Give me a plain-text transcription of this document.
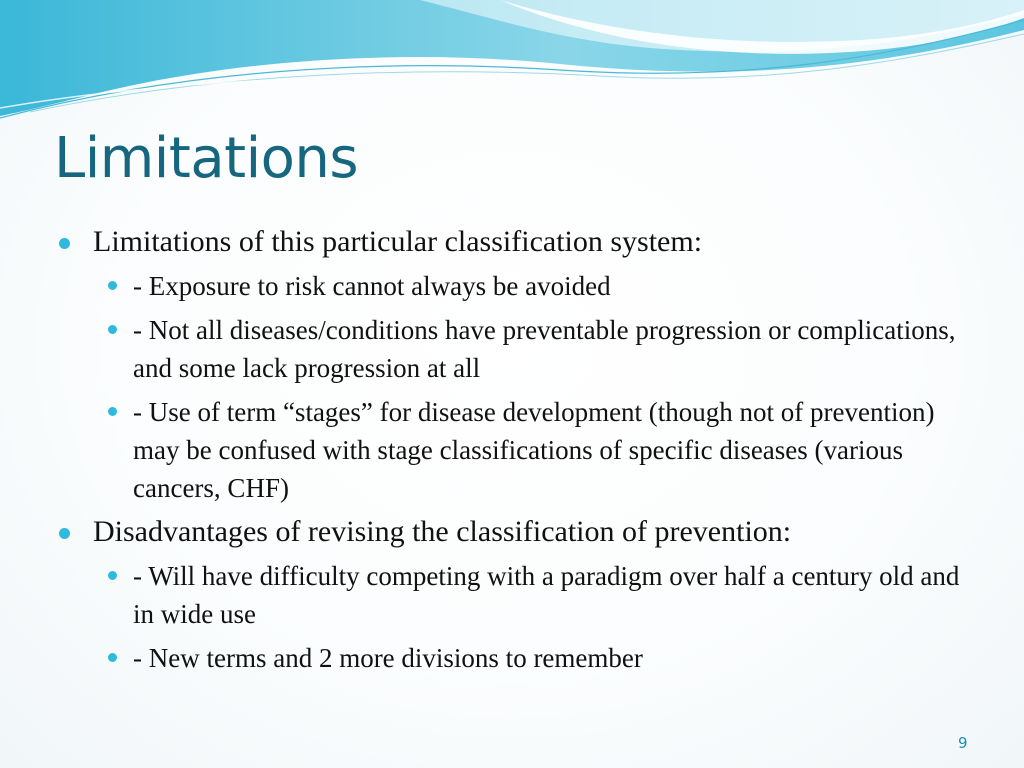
Limitations
Limitations of this particular classification system:
- Exposure to risk cannot always be avoided
- Not all diseases/conditions have preventable progression or complications, and some lack progression at all
- Use of term “stages” for disease development (though not of prevention) may be confused with stage classifications of specific diseases (various cancers, CHF)
Disadvantages of revising the classification of prevention:
- Will have difficulty competing with a paradigm over half a century old and in wide use
- New terms and 2 more divisions to remember
9
